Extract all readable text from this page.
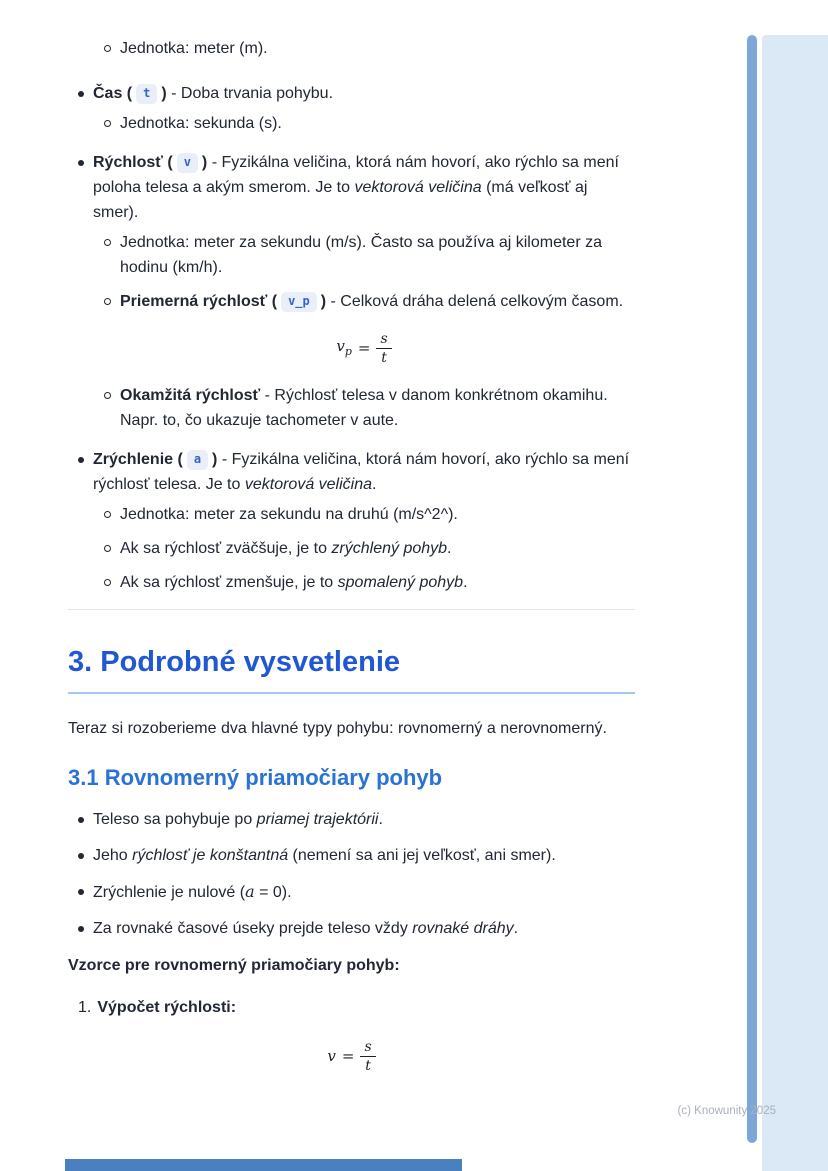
Jednotka: meter (m).
Čas ( t ) - Doba trvania pohybu.
Jednotka: sekunda (s).
Rýchlosť ( v ) - Fyzikálna veličina, ktorá nám hovorí, ako rýchlo sa mení poloha telesa a akým smerom. Je to vektorová veličina (má veľkosť aj smer).
Jednotka: meter za sekundu (m/s). Často sa používa aj kilometer za hodinu (km/h).
Priemerná rýchlosť ( v_p ) - Celková dráha delená celkovým časom.
$v_p = \frac{s}{t}$
Okamžitá rýchlosť - Rýchlosť telesa v danom konkrétnom okamihu. Napr. to, čo ukazuje tachometer v aute.
Zrýchlenie ( a ) - Fyzikálna veličina, ktorá nám hovorí, ako rýchlo sa mení rýchlosť telesa. Je to vektorová veličina.
Jednotka: meter za sekundu na druhú (m/s^2^).
Ak sa rýchlosť zväčšuje, je to zrýchlený pohyb.
Ak sa rýchlosť zmenšuje, je to spomalený pohyb.
3. Podrobné vysvetlenie

Teraz si rozoberieme dva hlavné typy pohybu: rovnomerný a nerovnomerný.

3.1 Rovnomerný priamočiary pohyb
Teleso sa pohybuje po priamej trajektórii.
Jeho rýchlosť je konštantná (nemení sa ani jej veľkosť, ani smer).
Zrýchlenie je nulové (a = 0).
Za rovnaké časové úseky prejde teleso vždy rovnaké dráhy.

Vzorce pre rovnomerný priamočiary pohyb:

1. Výpočet rýchlosti:
$v = \frac{s}{t}$
(c) Knowunity 2025
